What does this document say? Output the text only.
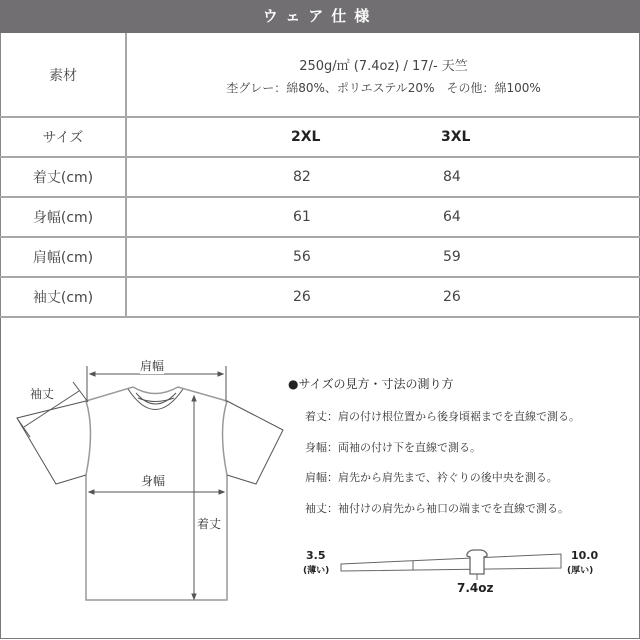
ウェア仕様
素材	250g/㎡ (7.4oz) / 17/- 天竺
杢グレー：綿80%、ポリエステル20%　その他：綿100%

サイズ	2XL 3XL

着丈(cm)	82 84

身幅(cm)	61 64

肩幅(cm)	56 59

袖丈(cm)	26 26
肩幅
袖丈
身幅
着丈
●サイズの見方・寸法の測り方
着丈：肩の付け根位置から後身頃裾までを直線で測る。
身幅：両袖の付け下を直線で測る。
肩幅：肩先から肩先まで、衿ぐりの後中央を測る。
袖丈：袖付けの肩先から袖口の端までを直線で測る。
3.5
(薄い)
10.0
(厚い)
7.4oz
